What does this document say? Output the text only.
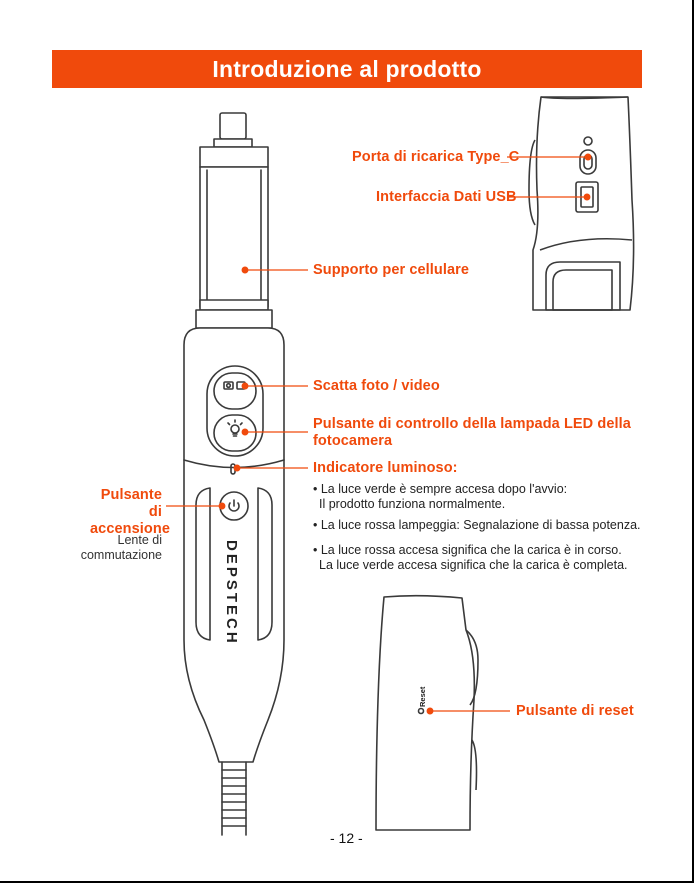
Introduzione al prodotto
DEPSTECH
Reset
Porta di ricarica Type_C
Interfaccia Dati USB
Supporto per cellulare
Scatta foto / video
Pulsante di controllo della lampada LED della
fotocamera
Indicatore luminoso:
Pulsante di
accensione
Lente di
commutazione
Pulsante di reset
• La luce verde è sempre accesa dopo l'avvio:
Il prodotto funziona normalmente.
• La luce rossa lampeggia: Segnalazione di bassa potenza.
• La luce rossa accesa significa che la carica è in corso.
La luce verde accesa significa che la carica è completa.
- 12 -
